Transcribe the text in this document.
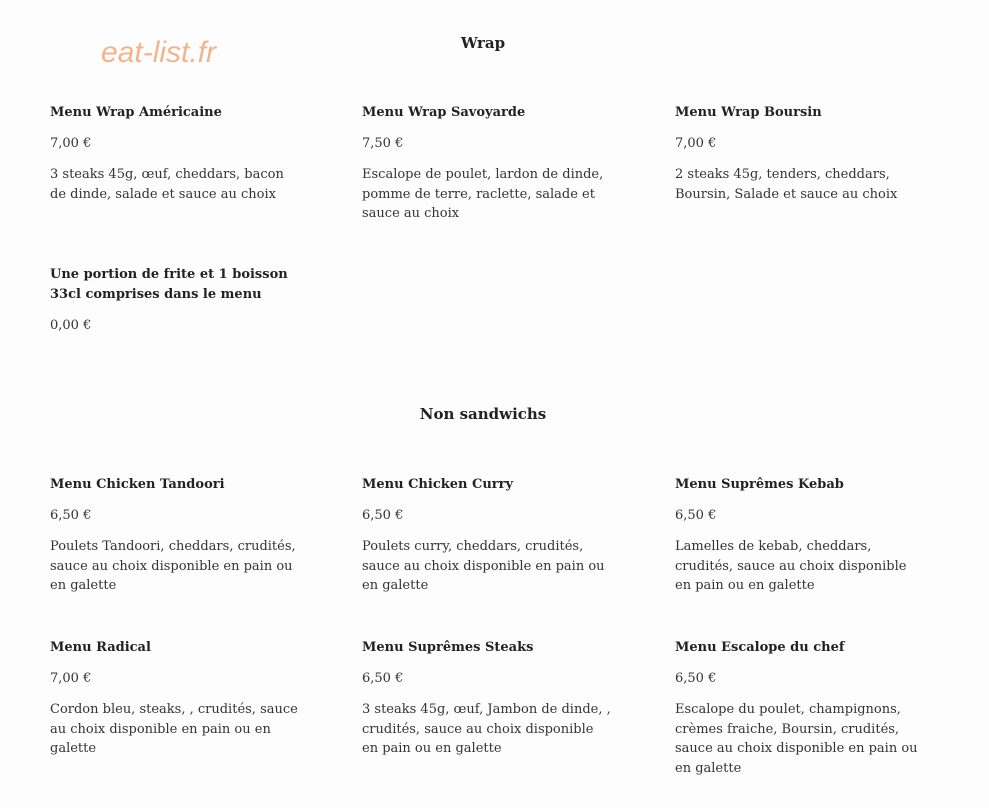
eat-list.fr	Wrap
Menu Wrap Américaine
7,00 €
3 steaks 45g, œuf, cheddars, bacon de dinde, salade et sauce au choix
Menu Wrap Savoyarde
7,50 €
Escalope de poulet, lardon de dinde, pomme de terre, raclette, salade et sauce au choix
Menu Wrap Boursin
7,00 €
2 steaks 45g, tenders, cheddars, Boursin, Salade et sauce au choix
Une portion de frite et 1 boisson 33cl comprises dans le menu
0,00 €
Non sandwichs
Menu Chicken Tandoori
6,50 €
Poulets Tandoori, cheddars, crudités, sauce au choix disponible en pain ou en galette
Menu Chicken Curry
6,50 €
Poulets curry, cheddars, crudités, sauce au choix disponible en pain ou en galette
Menu Suprêmes Kebab
6,50 €
Lamelles de kebab, cheddars, crudités, sauce au choix disponible en pain ou en galette
Menu Radical
7,00 €
Cordon bleu, steaks, , crudités, sauce au choix disponible en pain ou en galette
Menu Suprêmes Steaks
6,50 €
3 steaks 45g, œuf, Jambon de dinde, , crudités, sauce au choix disponible en pain ou en galette
Menu Escalope du chef
6,50 €
Escalope du poulet, champignons, crèmes fraiche, Boursin, crudités, sauce au choix disponible en pain ou en galette
